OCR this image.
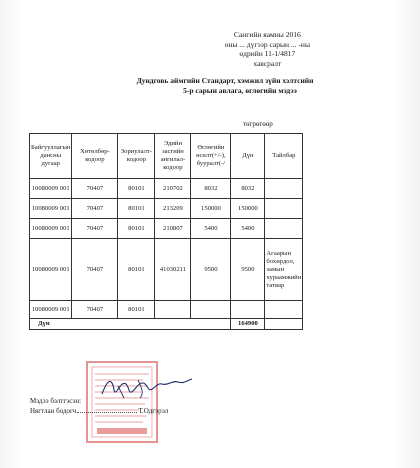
Сангийн яамны 2016
оны ... дүгээр сарын ... -ны
өдрийн 11-1/4817
хавсралт
Дундговь аймгийн Стандарт, хэмжил зүйн хэлтсийн
5-р сарын авлага, өглөгийн мэдээ
төгрөгөөр
Байгууллагын дансны дугаар	Хөтөлбөр-кодоор	Зориулалт- кодоор	Эдийн засгийн ангилал-кодоор	Өглөгийн өсөлт(+/-), бууралт(-/	Дүн	Тайлбар
10080009 001	70407	80101	210702	8032	8032	
10080009 001	70407	80101	213209	150000	150000	
10080009 001	70407	80101	210807	5400	5400	
10080009 001	70407	80101	41030211	9500	9500	Агаарын бохирдол, замын хураамжийн татвар
10080009 001	70407	80101				
Дүн					164900	
Мэдээ бэлтгэсэн:
Нягтлан бодогч	Т.Одгэрэл
